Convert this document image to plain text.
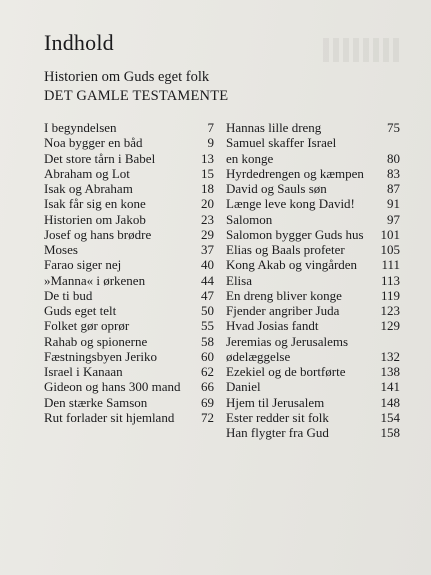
Indhold
Historien om Guds eget folk
DET GAMLE TESTAMENTE
I begyndelsen	7
Noa bygger en båd	9
Det store tårn i Babel	13
Abraham og Lot	15
Isak og Abraham	18
Isak får sig en kone	20
Historien om Jakob	23
Josef og hans brødre	29
Moses	37
Farao siger nej	40
»Manna« i ørkenen	44
De ti bud	47
Guds eget telt	50
Folket gør oprør	55
Rahab og spionerne	58
Fæstningsbyen Jeriko	60
Israel i Kanaan	62
Gideon og hans 300 mand 66
Den stærke Samson	69
Rut forlader sit hjemland 72
Hannas lille dreng	75
Samuel skaffer Israel
en konge	80
Hyrdedrengen og kæmpen 83
David og Sauls søn	87
Længe leve kong David! 91
Salomon	97
Salomon bygger Guds hus 101
Elias og Baals profeter	105
Kong Akab og vingården 111
Elisa	113
En dreng bliver konge	119
Fjender angriber Juda	123
Hvad Josias fandt	129
Jeremias og Jerusalems
ødelæggelse	132
Ezekiel og de bortførte	138
Daniel	141
Hjem til Jerusalem	148
Ester redder sit folk	154
Han flygter fra Gud	158
